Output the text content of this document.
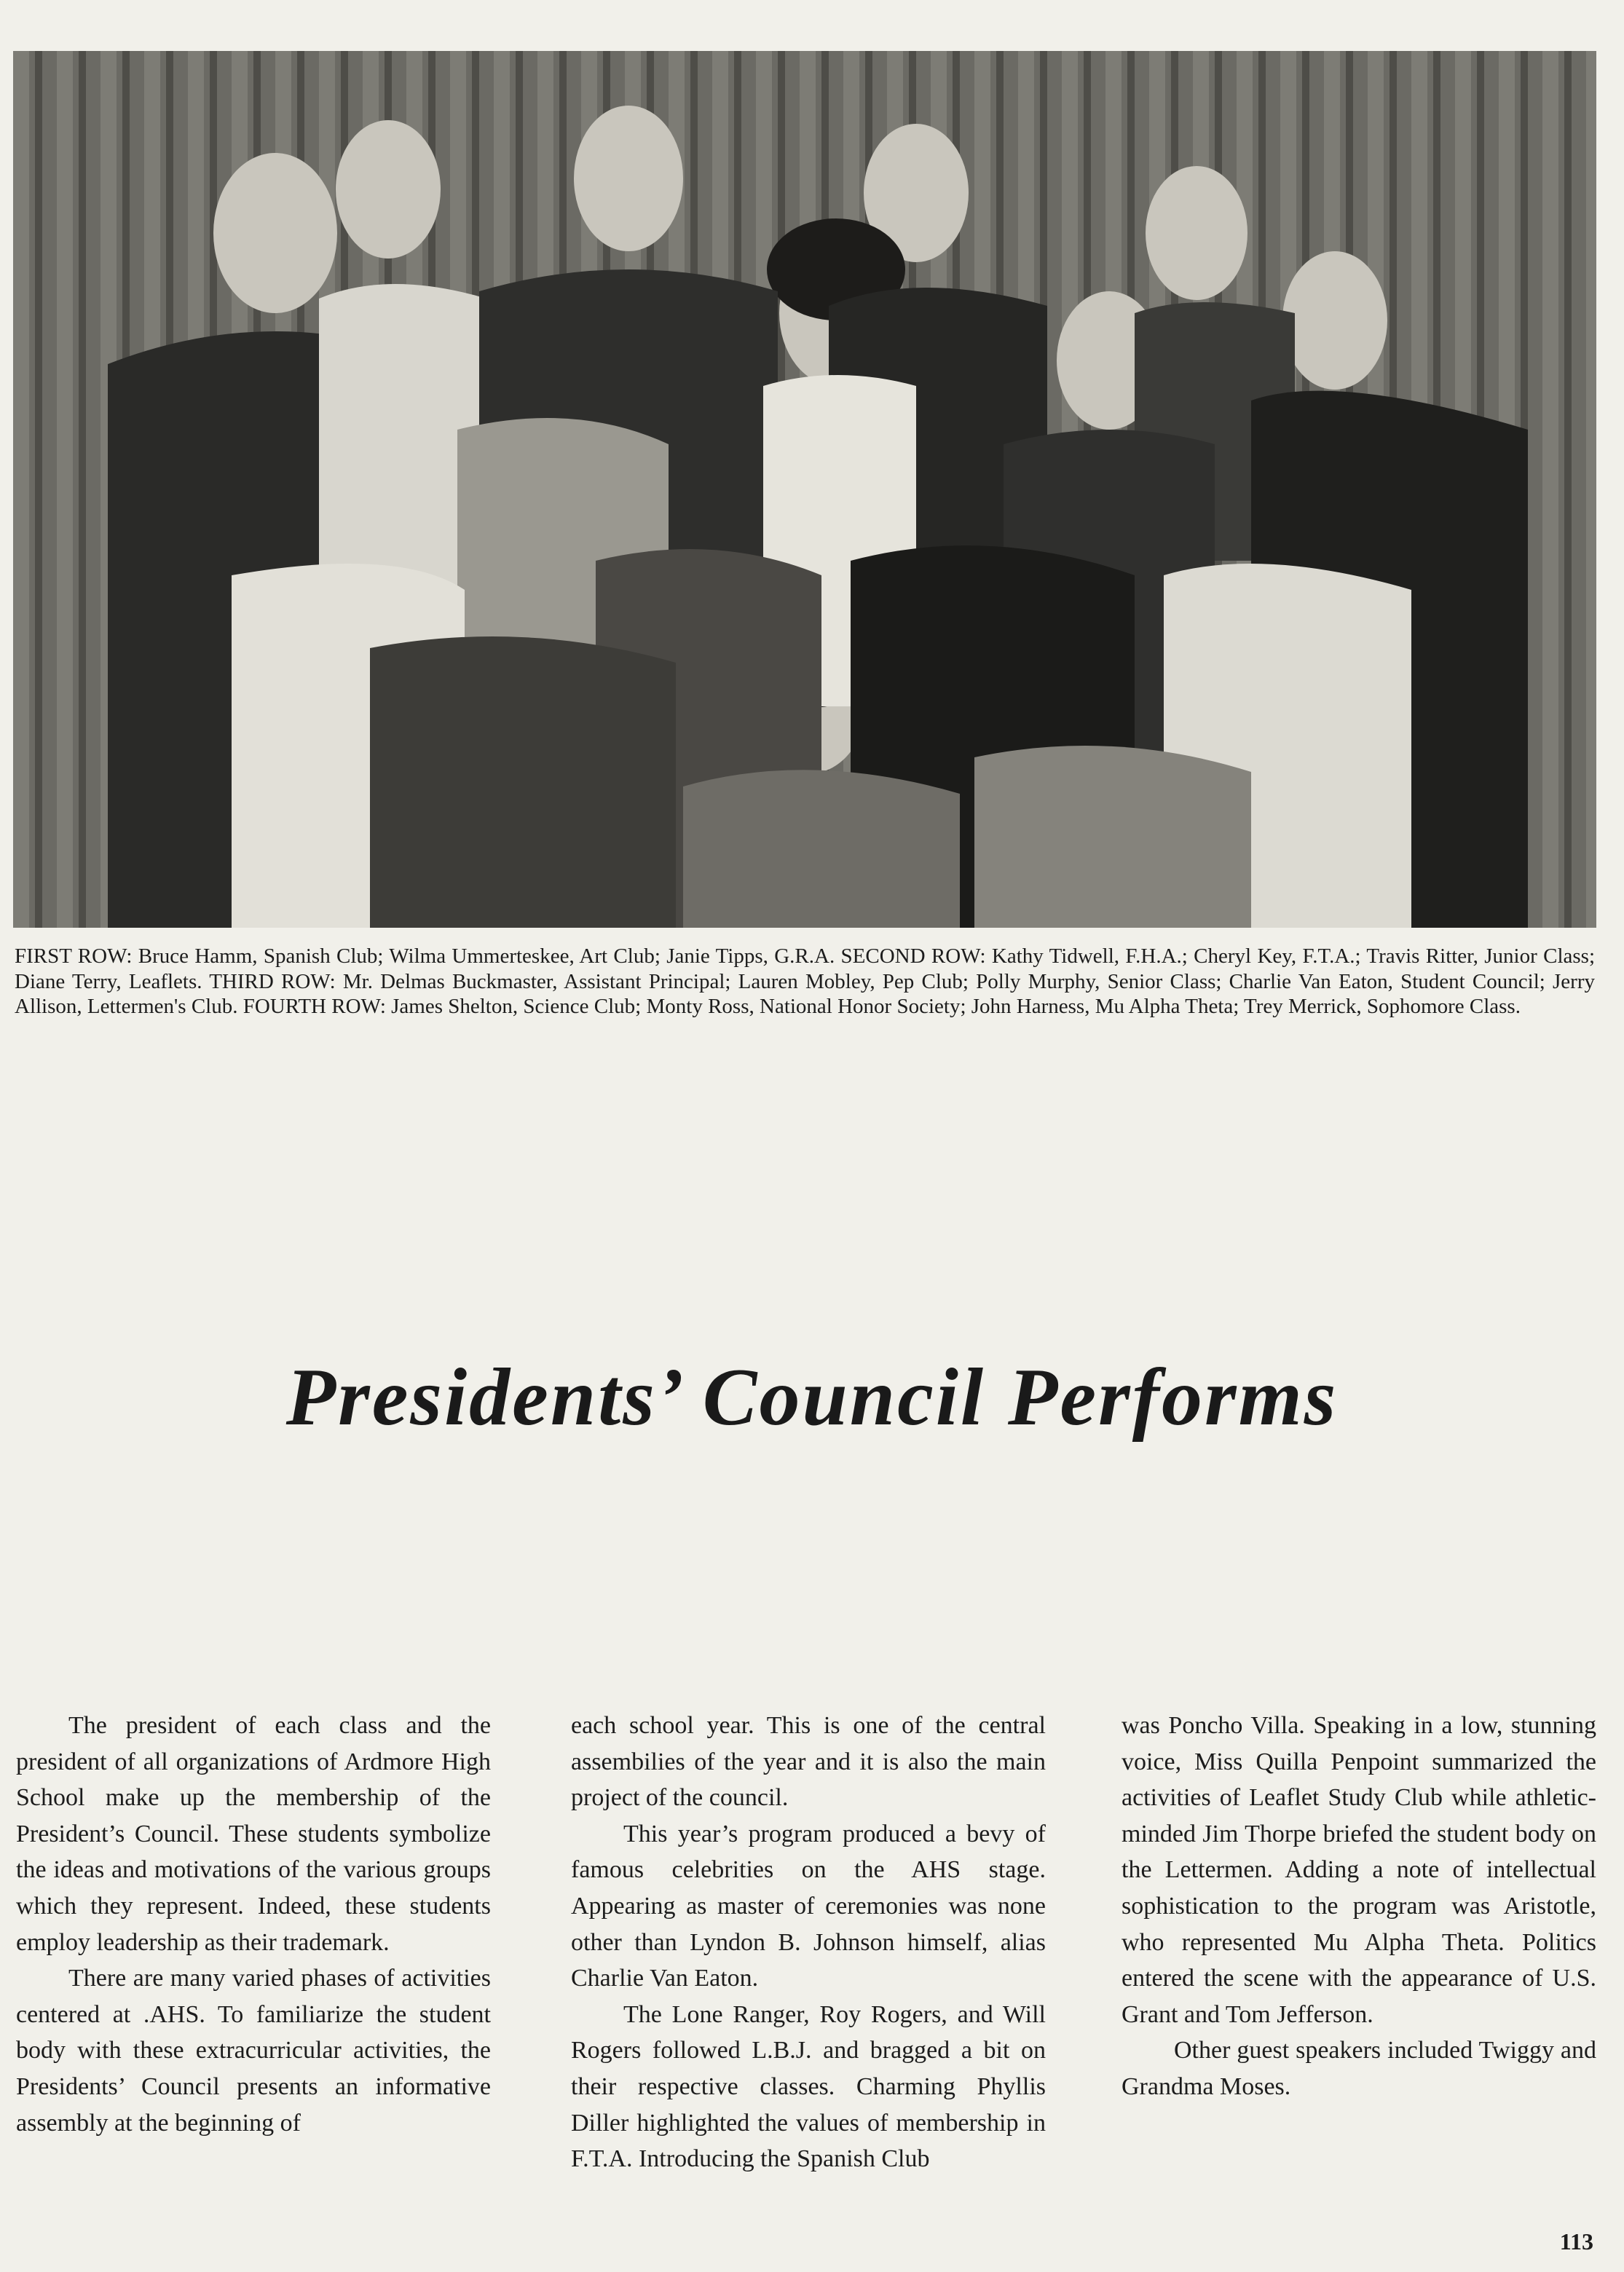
FIRST ROW: Bruce Hamm, Spanish Club; Wilma Ummerteskee, Art Club; Janie Tipps, G.R.A. SECOND ROW: Kathy Tidwell, F.H.A.; Cheryl Key, F.T.A.; Travis Ritter, Junior Class; Diane Terry, Leaflets. THIRD ROW: Mr. Delmas Buckmaster, Assistant Principal; Lauren Mobley, Pep Club; Polly Murphy, Senior Class; Charlie Van Eaton, Student Council; Jerry Allison, Lettermen's Club. FOURTH ROW: James Shelton, Science Club; Monty Ross, National Honor Society; John Harness, Mu Alpha Theta; Trey Merrick, Sophomore Class.

Presidents’ Council Performs

The president of each class and the president of all organizations of Ardmore High School make up the membership of the President’s Council. These students symbolize the ideas and motivations of the various groups which they represent. Indeed, these students employ leadership as their trademark.

There are many varied phases of activities centered at .AHS. To familiarize the student body with these extracurricular activities, the Presidents’ Council presents an informative assembly at the beginning of

each school year. This is one of the central assembilies of the year and it is also the main project of the council.

This year’s program produced a bevy of famous celebrities on the AHS stage. Appearing as master of ceremonies was none other than Lyndon B. Johnson himself, alias Charlie Van Eaton.

The Lone Ranger, Roy Rogers, and Will Rogers followed L.B.J. and bragged a bit on their respective classes. Charming Phyllis Diller highlighted the values of membership in F.T.A. Introducing the Spanish Club

was Poncho Villa. Speaking in a low, stunning voice, Miss Quilla Penpoint summarized the activities of Leaflet Study Club while athletic-minded Jim Thorpe briefed the student body on the Lettermen. Adding a note of intellectual sophistication to the program was Aristotle, who represented Mu Alpha Theta. Politics entered the scene with the appearance of U.S. Grant and Tom Jefferson.

Other guest speakers included Twiggy and Grandma Moses.

113
